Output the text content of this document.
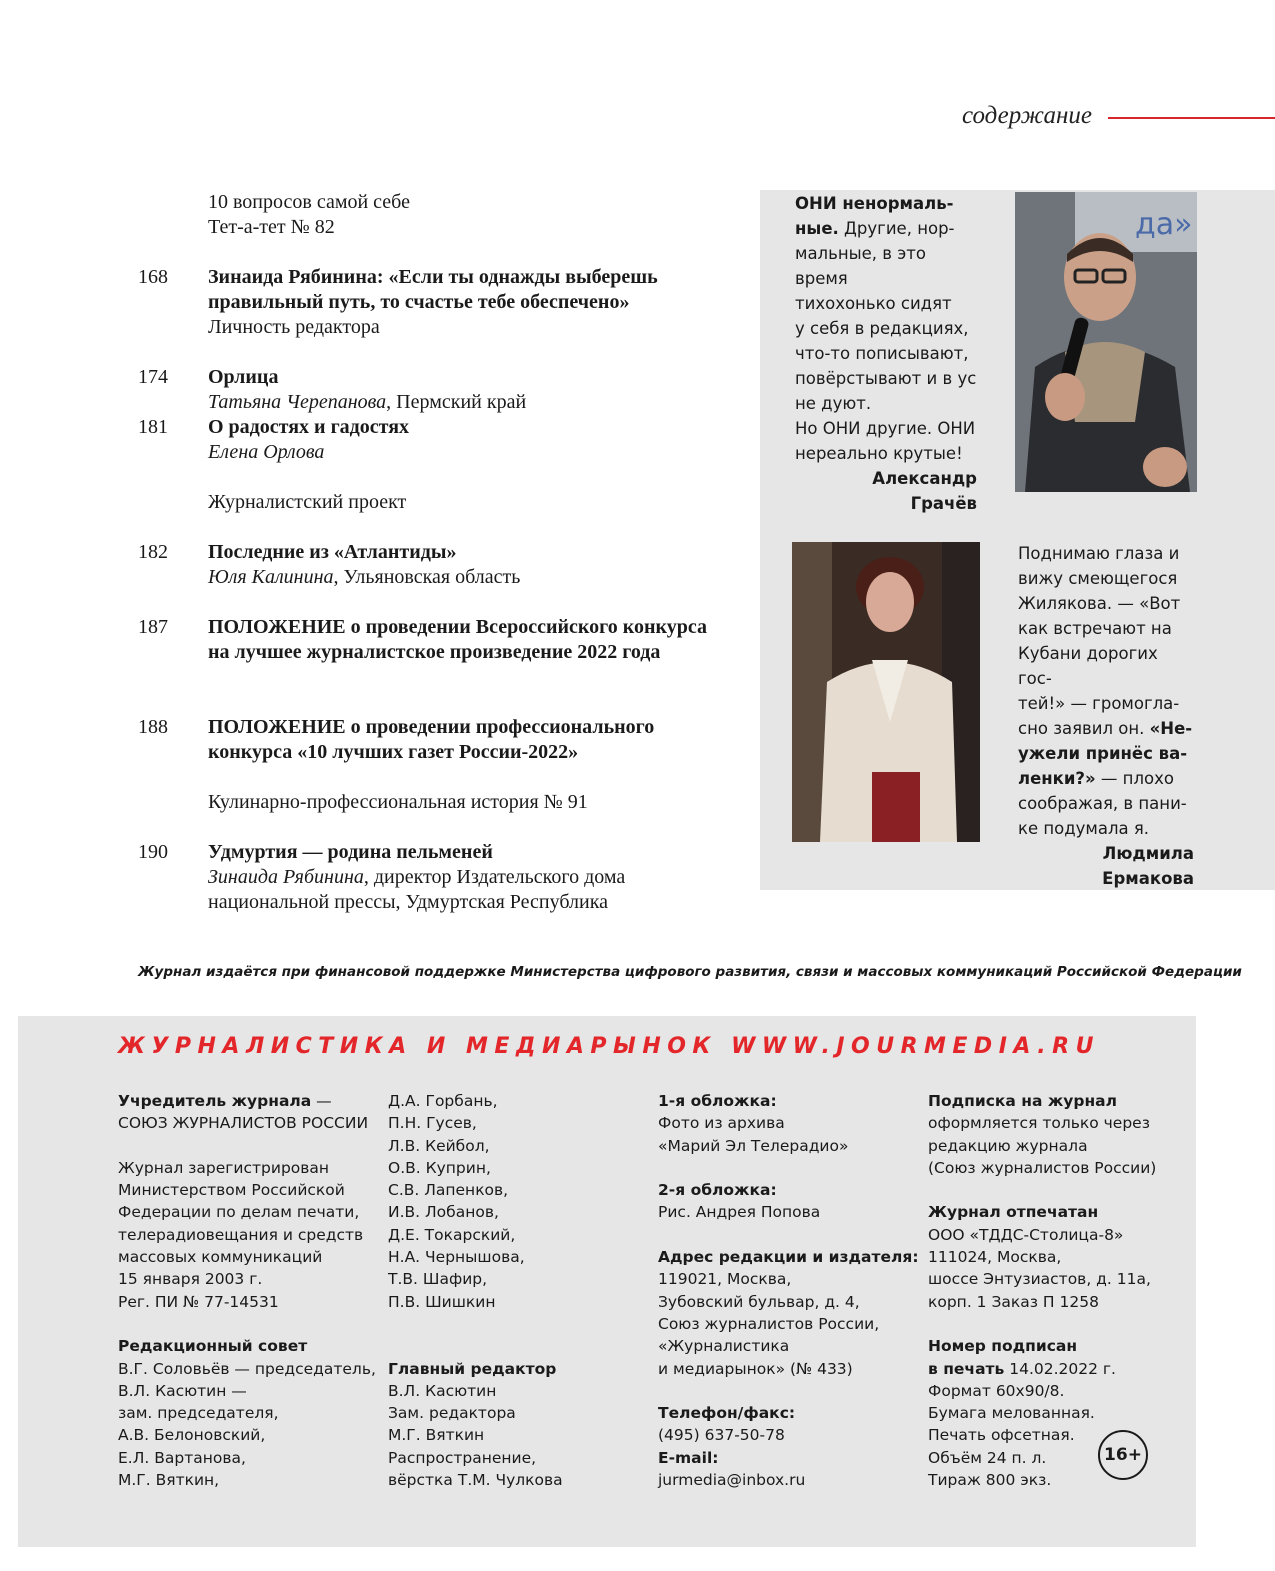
содержание
10 вопросов самой себе
Тет-а-тет № 82
168 Зинаида Рябинина: «Если ты однажды выберешь правильный путь, то счастье тебе обеспечено»
Личность редактора
174 Орлица
Татьяна Черепанова, Пермский край
181 О радостях и гадостях
Елена Орлова
Журналистский проект
182 Последние из «Атлантиды»
Юля Калинина, Ульяновская область
187 ПОЛОЖЕНИЕ о проведении Всероссийского конкурса на лучшее журналистское произведение 2022 года
188 ПОЛОЖЕНИЕ о проведении профессионального конкурса «10 лучших газет России-2022»
Кулинарно-профессиональная история № 91
190 Удмуртия — родина пельменей
Зинаида Рябинина, директор Издательского дома национальной прессы, Удмуртская Республика
ОНИ ненормаль-
ные. Другие, нор-
мальные, в это время
тихохонько сидят
у себя в редакциях,
что-то пописывают,
повёрстывают и в ус
не дуют.
Но ОНИ другие. ОНИ
нереально крутые!
Александр
Грачёв
да»
Поднимаю глаза и
вижу смеющегося
Жилякова. — «Вот
как встречают на
Кубани дорогих гос-
тей!» — громогла-
сно заявил он. «Не-
ужели принёс ва-
ленки?» — плохо
соображая, в пани-
ке подумала я.
Людмила
Ермакова
Журнал издаётся при финансовой поддержке Министерства цифрового развития, связи и массовых коммуникаций Российской Федерации
ЖУРНАЛИСТИКА И МЕДИАРЫНОК WWW.JOURMEDIA.RU
Учредитель журнала —
СОЮЗ ЖУРНАЛИСТОВ РОССИИ
Журнал зарегистрирован
Министерством Российской
Федерации по делам печати,
телерадиовещания и средств
массовых коммуникаций
15 января 2003 г.
Рег. ПИ № 77-14531
Редакционный совет
В.Г. Соловьёв — председатель,
В.Л. Касютин —
зам. председателя,
А.В. Белоновский,
Е.Л. Вартанова,
М.Г. Вяткин,
Д.А. Горбань,
П.Н. Гусев,
Л.В. Кейбол,
О.В. Куприн,
С.В. Лапенков,
И.В. Лобанов,
Д.Е. Токарский,
Н.А. Чернышова,
Т.В. Шафир,
П.В. Шишкин
Главный редактор
В.Л. Касютин
Зам. редактора
М.Г. Вяткин
Распространение,
вёрстка Т.М. Чулкова
1-я обложка:
Фото из архива
«Марий Эл Телерадио»
2-я обложка:
Рис. Андрея Попова
Адрес редакции и издателя:
119021, Москва,
Зубовский бульвар, д. 4,
Союз журналистов России,
«Журналистика
и медиарынок» (№ 433)
Телефон/факс:
(495) 637-50-78
E-mail:
jurmedia@inbox.ru
Подписка на журнал
оформляется только через
редакцию журнала
(Союз журналистов России)
Журнал отпечатан
ООО «ТДДС-Столица-8»
111024, Москва,
шоссе Энтузиастов, д. 11а,
корп. 1 Заказ П 1258
Номер подписан
в печать 14.02.2022 г.
Формат 60х90/8.
Бумага мелованная.
Печать офсетная.
Объём 24 п. л.
Тираж 800 экз.
16+
